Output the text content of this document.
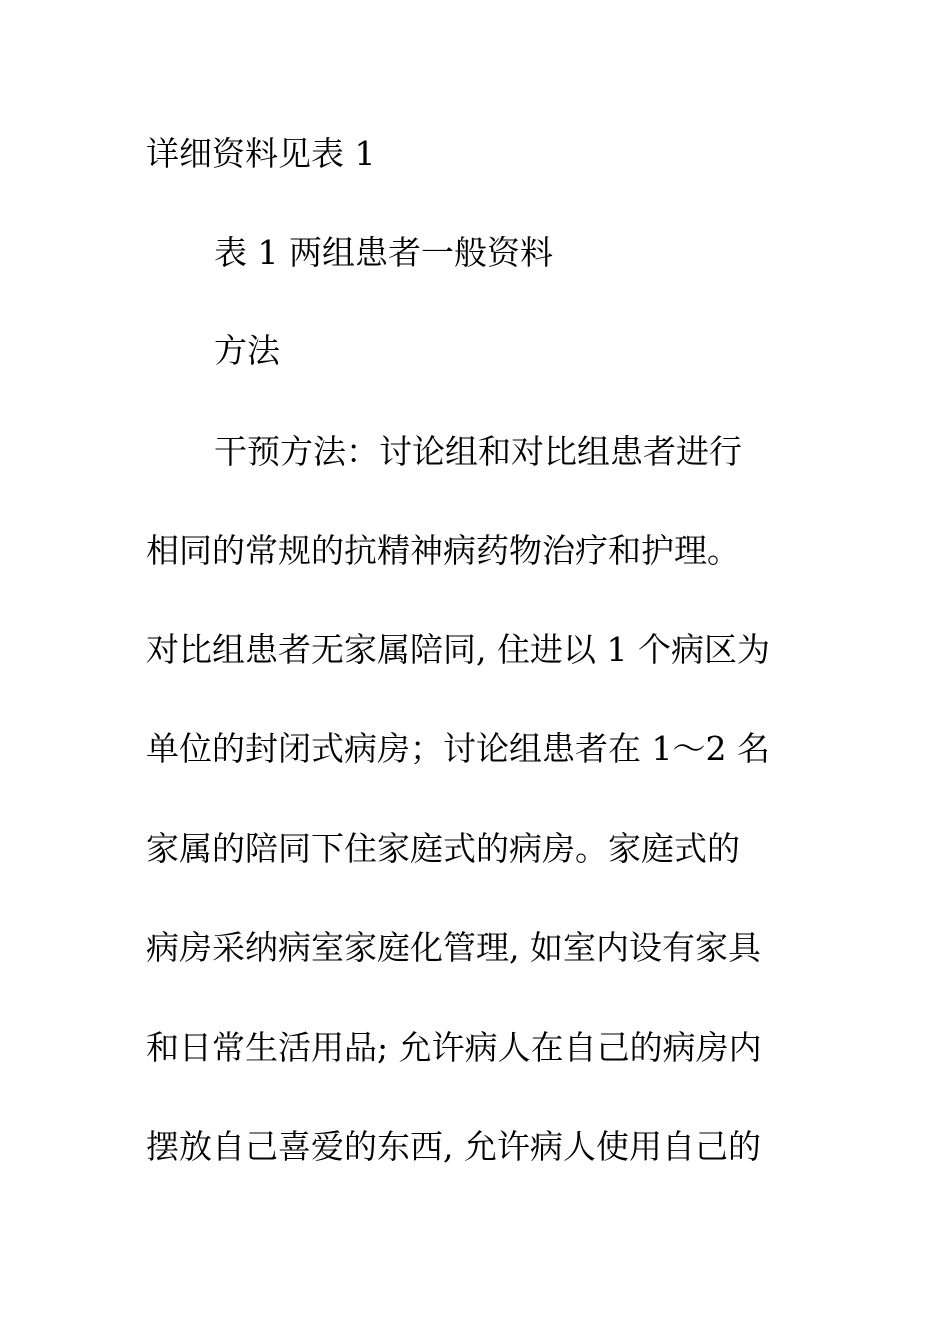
详细资料见表 1
表 1 两组患者一般资料
方法
干预方法：讨论组和对比组患者进行
相同的常规的抗精神病药物治疗和护理。
对比组患者无家属陪同, 住进以 1 个病区为
单位的封闭式病房；讨论组患者在 1～2 名
家属的陪同下住家庭式的病房。家庭式的
病房采纳病室家庭化管理, 如室内设有家具
和日常生活用品; 允许病人在自己的病房内
摆放自己喜爱的东西, 允许病人使用自己的
